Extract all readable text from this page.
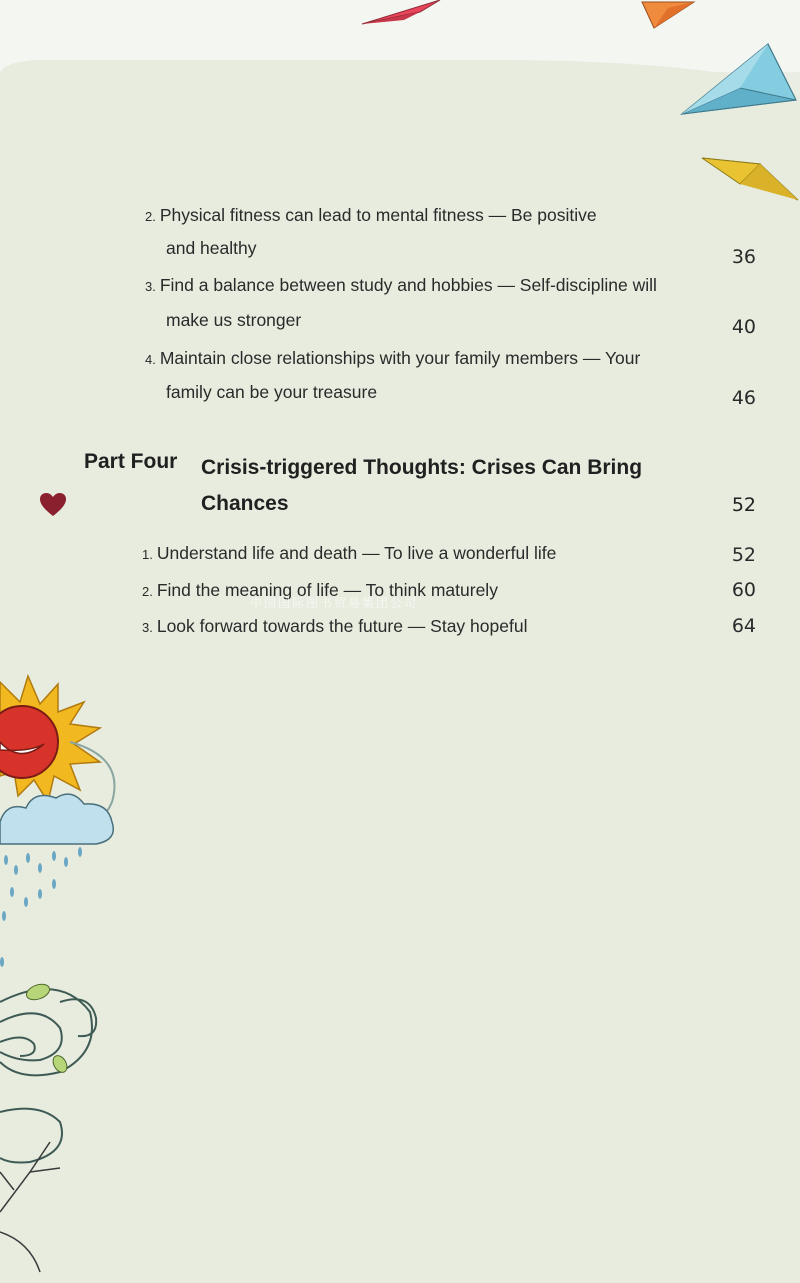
2. Physical fitness can lead to mental fitness — Be positive
and healthy	36
3. Find a balance between study and hobbies — Self-discipline will
make us stronger	40
4. Maintain close relationships with your family members — Your
family can be your treasure	46
Part Four Crisis-triggered Thoughts: Crises Can Bring
Chances	52
1. Understand life and death — To live a wonderful life	52
2. Find the meaning of life — To think maturely	60
3. Look forward towards the future — Stay hopeful	64
中国国际图书贸易集团公司
